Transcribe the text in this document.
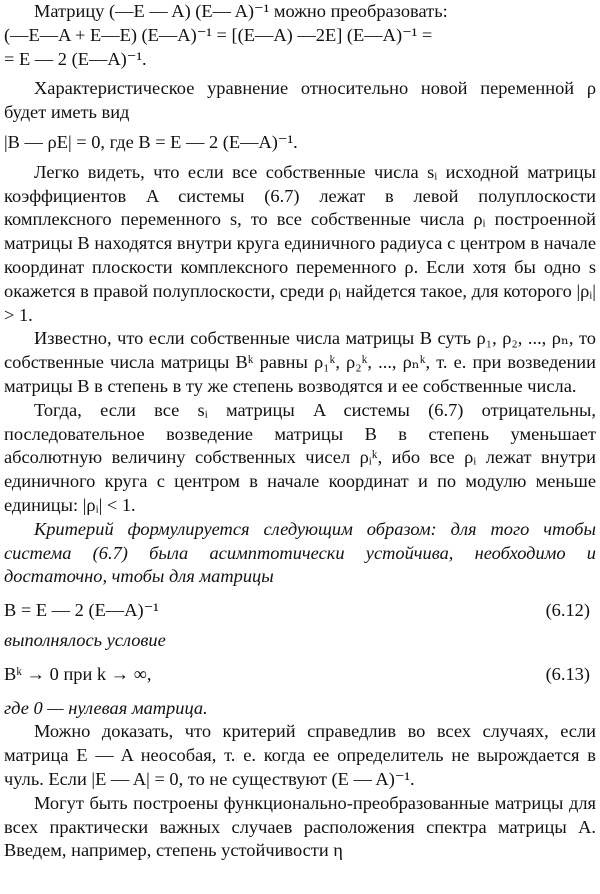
Матрицу (—E — A) (E— A)⁻¹ можно преобразовать:

(—E—A + E—E) (E—A)⁻¹ = [(E—A) —2E] (E—A)⁻¹ =

= E — 2 (E—A)⁻¹.

Характеристическое уравнение относительно новой переменной ρ будет иметь вид

|B — ρE| = 0, где B = E — 2 (E—A)⁻¹.

Легко видеть, что если все собственные числа sᵢ исходной матрицы коэффициентов A системы (6.7) лежат в левой полуплоскости комплексного переменного s, то все собственные числа ρᵢ построенной матрицы B находятся внутри круга единичного радиуса с центром в начале координат плоскости комплексного переменного ρ. Если хотя бы одно s окажется в правой полуплоскости, среди ρᵢ найдется такое, для которого |ρᵢ| > 1.

Известно, что если собственные числа матрицы B суть ρ₁, ρ₂, ..., ρₙ, то собственные числа матрицы Bᵏ равны ρ₁ᵏ, ρ₂ᵏ, ..., ρₙᵏ, т. е. при возведении матрицы B в степень в ту же степень возводятся и ее собственные числа.

Тогда, если все sᵢ матрицы A системы (6.7) отрицательны, последовательное возведение матрицы B в степень уменьшает абсолютную величину собственных чисел ρᵢᵏ, ибо все ρᵢ лежат внутри единичного круга с центром в начале координат и по модулю меньше единицы: |ρᵢ| < 1.

Критерий формулируется следующим образом: для того чтобы система (6.7) была асимптотически устойчива, необходимо и достаточно, чтобы для матрицы

B = E — 2 (E—A)⁻¹	(6.12)

выполнялось условие

Bᵏ → 0 при k → ∞,	(6.13)

где 0 — нулевая матрица.

Можно доказать, что критерий справедлив во всех случаях, если матрица E — A неособая, т. е. когда ее определитель не вырождается в чуль. Если |E — A| = 0, то не существуют (E — A)⁻¹.

Могут быть построены функционально-преобразованные матрицы для всех практически важных случаев расположения спектра матрицы A. Введем, например, степень устойчивости η
